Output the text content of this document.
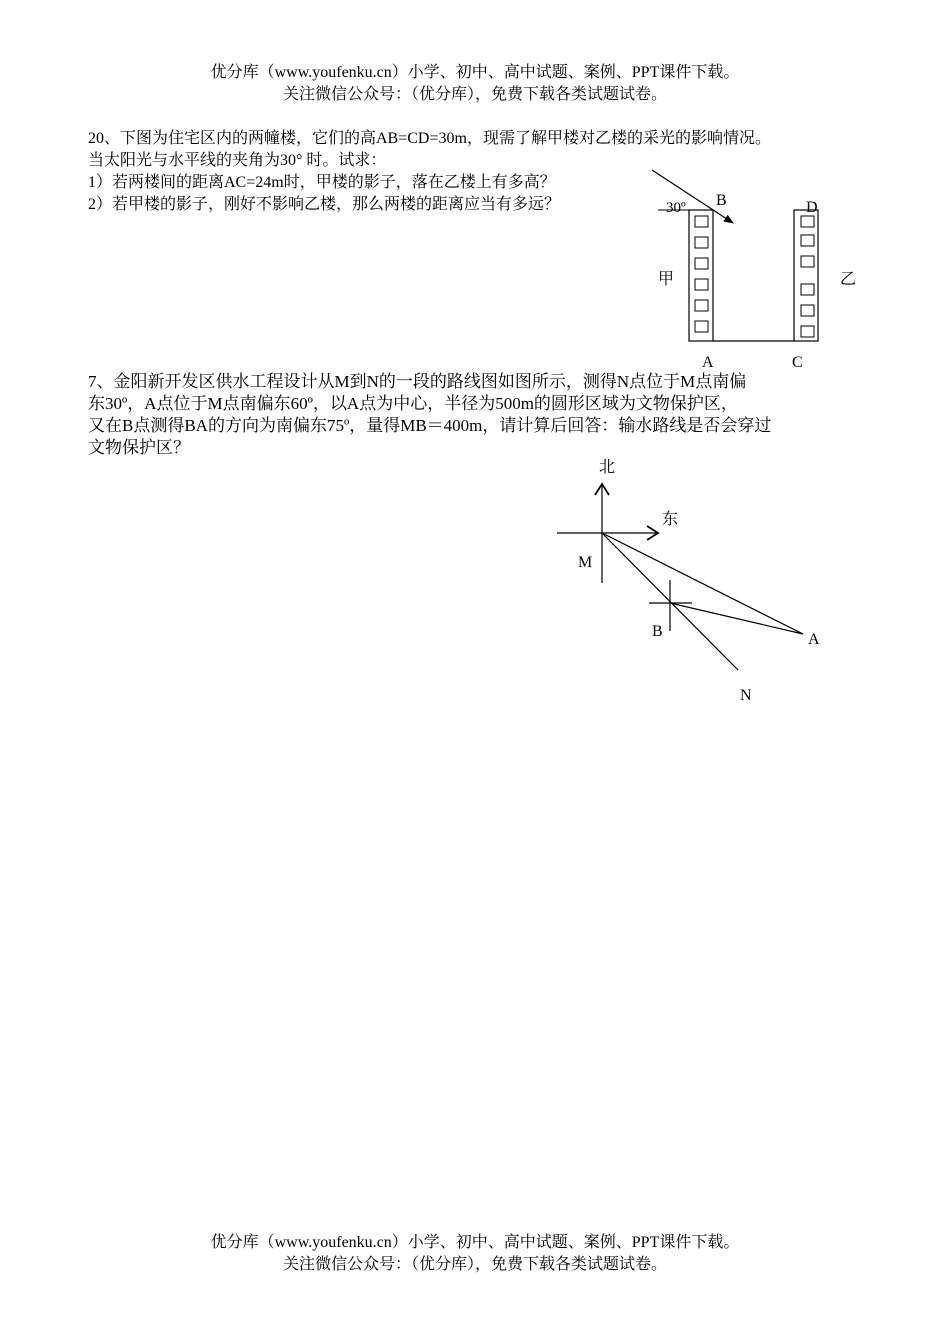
优分库（www.youfenku.cn）小学、初中、高中试题、案例、PPT课件下载。
关注微信公众号：（优分库），免费下载各类试题试卷。
20、下图为住宅区内的两幢楼，它们的高AB=CD=30m，现需了解甲楼对乙楼的采光的影响情况。
当太阳光与水平线的夹角为30° 时。试求：
1）若两楼间的距离AC=24m时，甲楼的影子，落在乙楼上有多高？
2）若甲楼的影子，刚好不影响乙楼，那么两楼的距离应当有多远？	30º B	D
A	C
甲	乙
7、金阳新开发区供水工程设计从M到N的一段的路线图如图所示，测得N点位于M点南偏
东30º，A点位于M点南偏东60º，以A点为中心，半径为500m的圆形区域为文物保护区，
又在B点测得BA的方向为南偏东75º，量得MB＝400m，请计算后回答：输水路线是否会穿过
文物保护区？
北
东
M
B	A
N
优分库（www.youfenku.cn）小学、初中、高中试题、案例、PPT课件下载。
关注微信公众号：（优分库），免费下载各类试题试卷。
